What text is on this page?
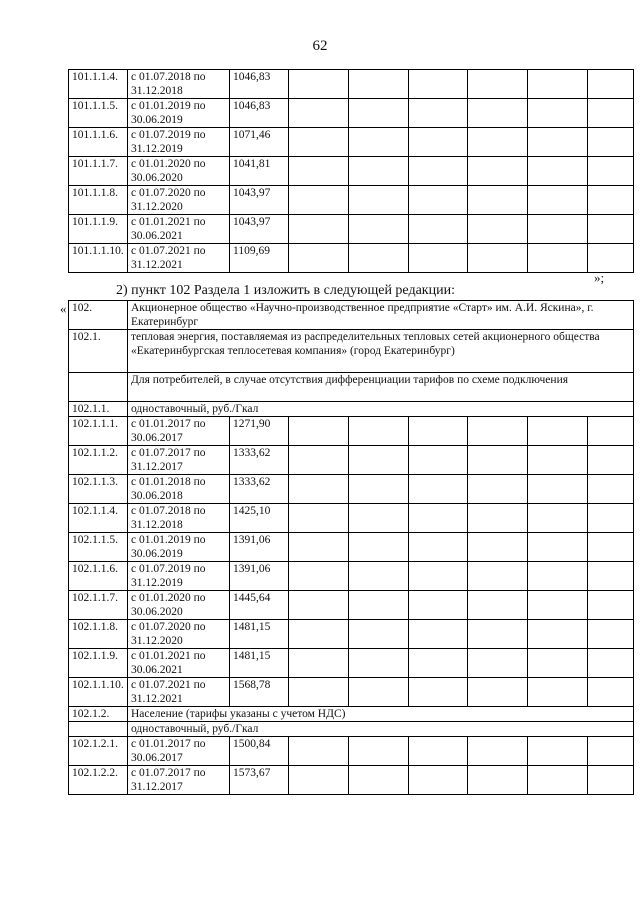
62
101.1.1.4.	с 01.07.2018 по 31.12.2018	1046,83						
101.1.1.5.	с 01.01.2019 по 30.06.2019	1046,83						
101.1.1.6.	с 01.07.2019 по 31.12.2019	1071,46						
101.1.1.7.	с 01.01.2020 по 30.06.2020	1041,81						
101.1.1.8.	с 01.07.2020 по 31.12.2020	1043,97						
101.1.1.9.	с 01.01.2021 по 30.06.2021	1043,97						
101.1.1.10.	с 01.07.2021 по 31.12.2021	1109,69						
»;
2) пункт 102 Раздела 1 изложить в следующей редакции:
« 102.	Акционерное общество «Научно-производственное предприятие «Старт» им. А.И. Яскина», г. Екатеринбург							
102.1.	тепловая энергия, поставляемая из распределительных тепловых сетей акционерного общества «Екатеринбургская теплосетевая компания» (город Екатеринбург)							
	Для потребителей, в случае отсутствия дифференциации тарифов по схеме подключения							
102.1.1.	одноставочный, руб./Гкал							
102.1.1.1.	с 01.01.2017 по 30.06.2017	1271,90						
102.1.1.2.	с 01.07.2017 по 31.12.2017	1333,62						
102.1.1.3.	с 01.01.2018 по 30.06.2018	1333,62						
102.1.1.4.	с 01.07.2018 по 31.12.2018	1425,10						
102.1.1.5.	с 01.01.2019 по 30.06.2019	1391,06						
102.1.1.6.	с 01.07.2019 по 31.12.2019	1391,06						
102.1.1.7.	с 01.01.2020 по 30.06.2020	1445,64						
102.1.1.8.	с 01.07.2020 по 31.12.2020	1481,15						
102.1.1.9.	с 01.01.2021 по 30.06.2021	1481,15						
102.1.1.10.	с 01.07.2021 по 31.12.2021	1568,78						
102.1.2.	Население (тарифы указаны с учетом НДС)							
	одноставочный, руб./Гкал							
102.1.2.1.	с 01.01.2017 по 30.06.2017	1500,84						
102.1.2.2.	с 01.07.2017 по 31.12.2017	1573,67						
